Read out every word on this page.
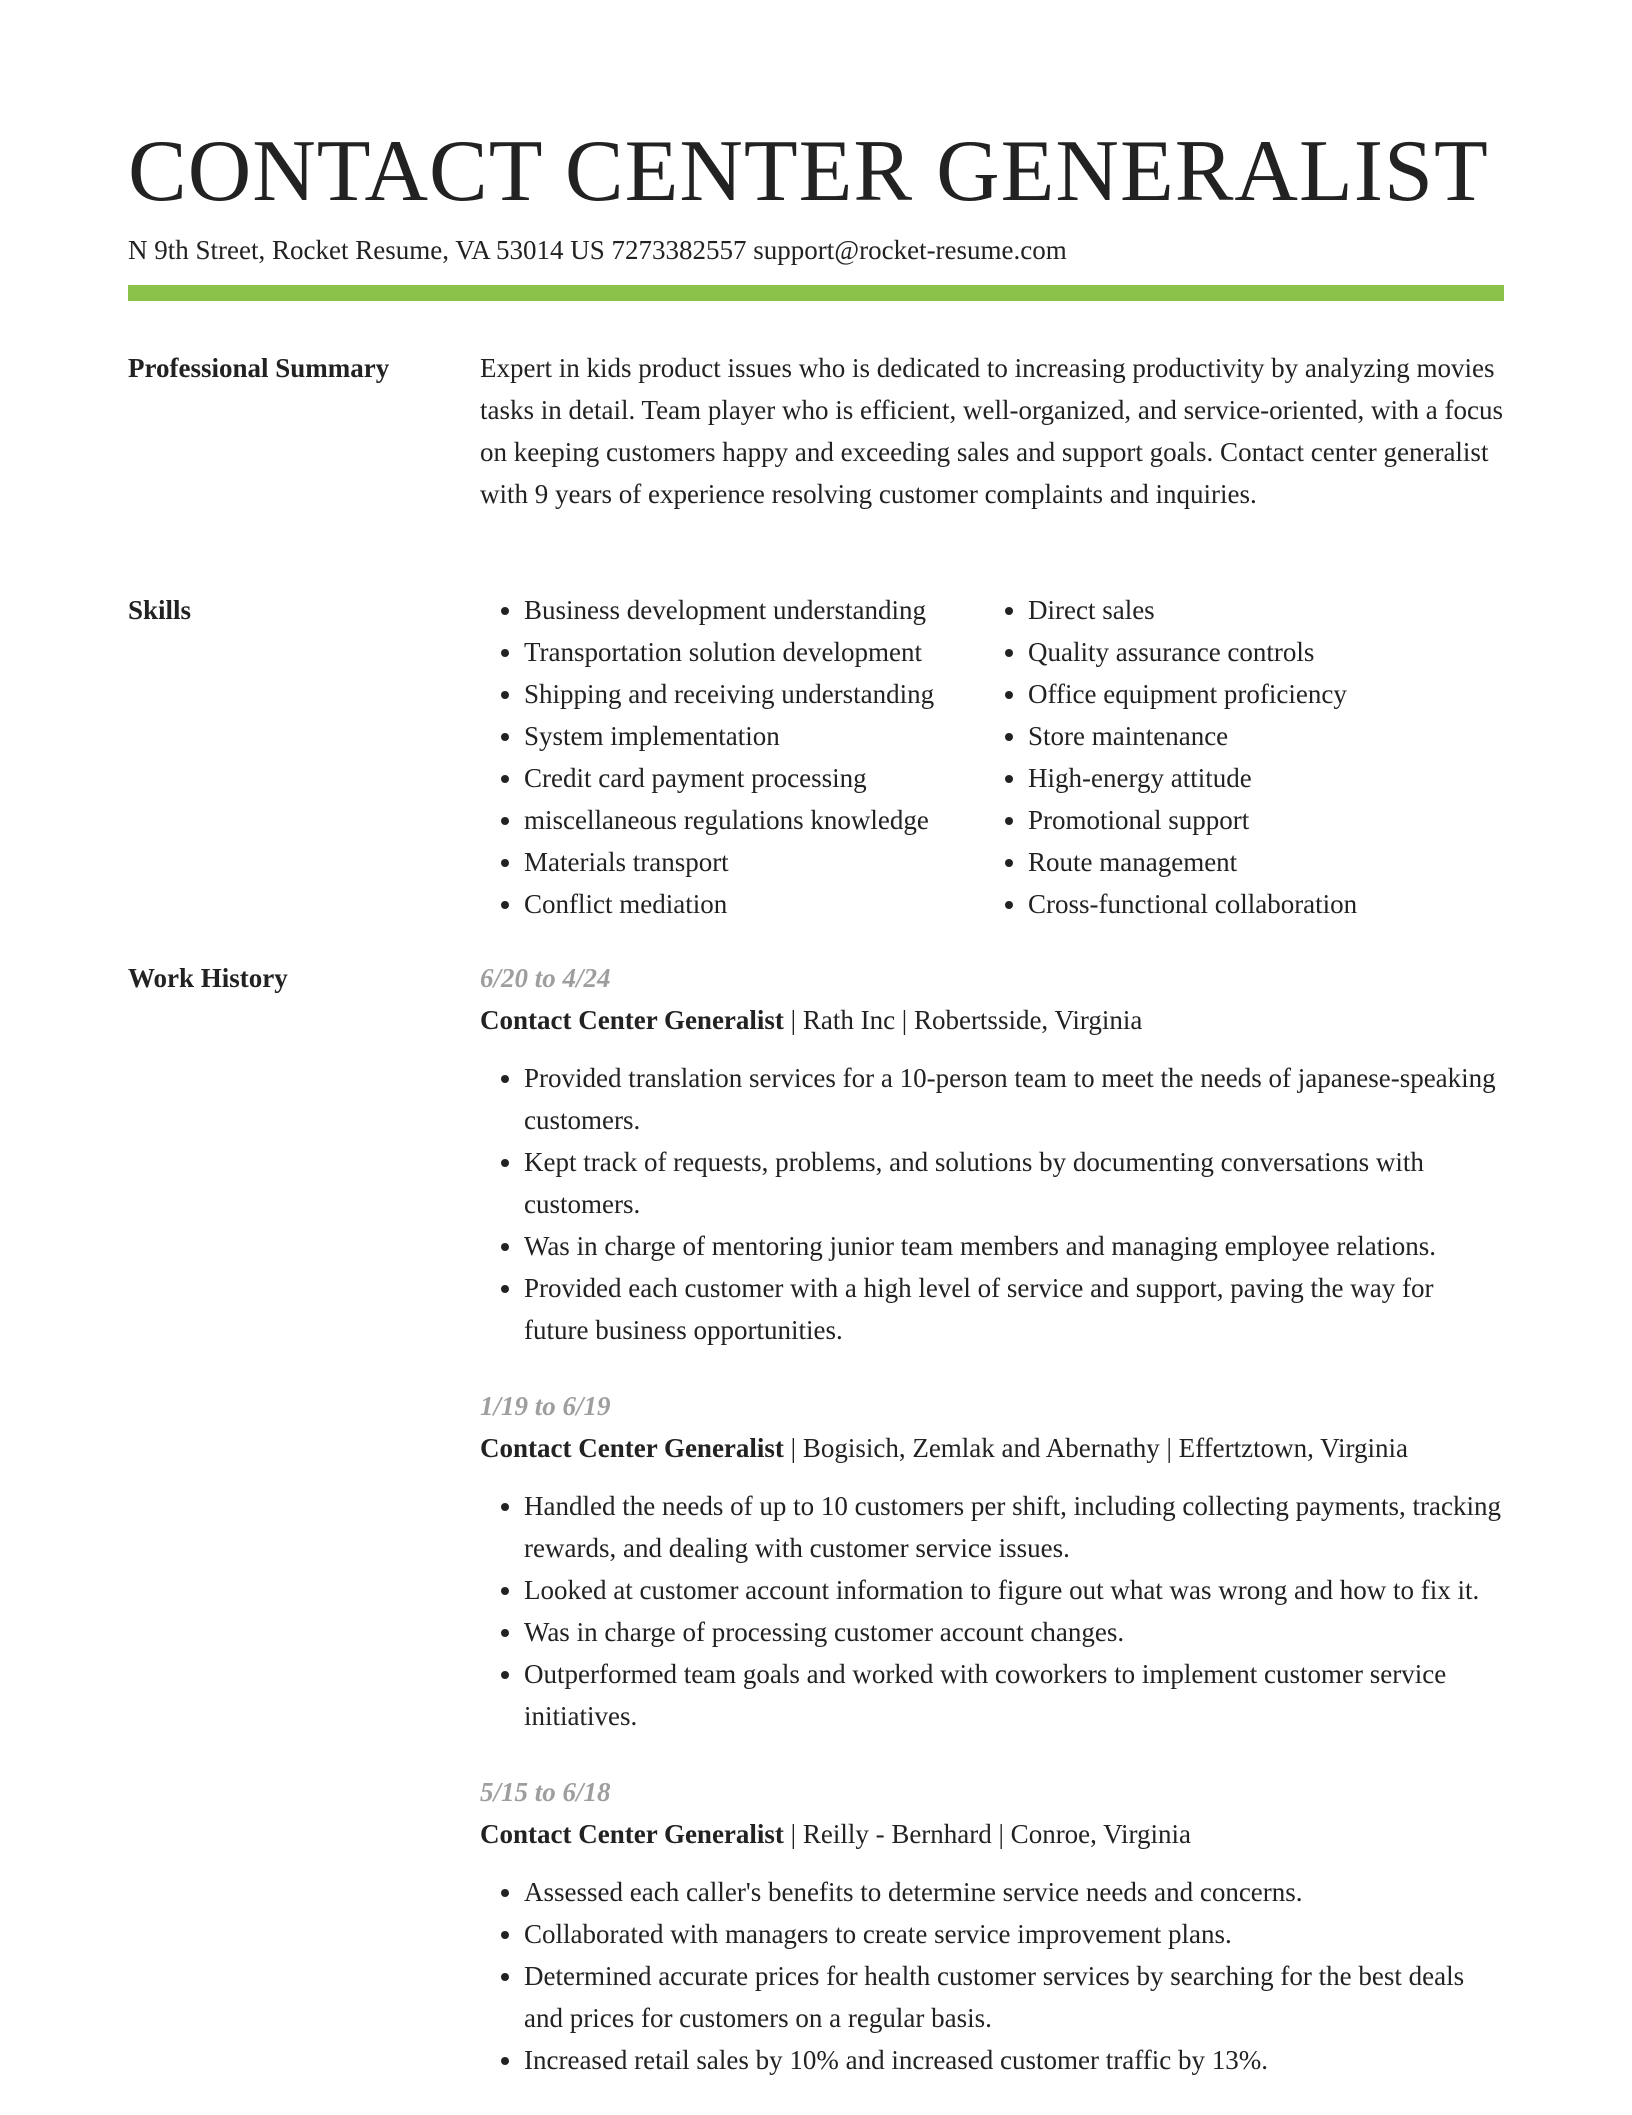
CONTACT CENTER GENERALIST
N 9th Street, Rocket Resume, VA 53014 US 7273382557 support@rocket-resume.com
Professional Summary	Expert in kids product issues who is dedicated to increasing productivity by analyzing movies tasks in detail. Team player who is efficient, well-organized, and service-oriented, with a focus on keeping customers happy and exceeding sales and support goals. Contact center generalist with 9 years of experience resolving customer complaints and inquiries.

Skills
•	Business development understanding
• Transportation solution development
• Shipping and receiving understanding
• System implementation
• Credit card payment processing
• miscellaneous regulations knowledge
• Materials transport
• Conflict mediation
• Direct sales
• Quality assurance controls
• Office equipment proficiency
• Store maintenance
• High-energy attitude
• Promotional support
• Route management
• Cross-functional collaboration
Work History	6/20 to 4/24
Contact Center Generalist | Rath Inc | Robertsside, Virginia
• Provided translation services for a 10-person team to meet the needs of japanese-speaking customers.
• Kept track of requests, problems, and solutions by documenting conversations with customers.
• Was in charge of mentoring junior team members and managing employee relations.
• Provided each customer with a high level of service and support, paving the way for future business opportunities.
1/19 to 6/19
Contact Center Generalist | Bogisich, Zemlak and Abernathy | Effertztown, Virginia
• Handled the needs of up to 10 customers per shift, including collecting payments, tracking rewards, and dealing with customer service issues.
• Looked at customer account information to figure out what was wrong and how to fix it.
• Was in charge of processing customer account changes.
• Outperformed team goals and worked with coworkers to implement customer service initiatives.
5/15 to 6/18
Contact Center Generalist | Reilly - Bernhard | Conroe, Virginia
• Assessed each caller's benefits to determine service needs and concerns.
• Collaborated with managers to create service improvement plans.
• Determined accurate prices for health customer services by searching for the best deals and prices for customers on a regular basis.
• Increased retail sales by 10% and increased customer traffic by 13%.
